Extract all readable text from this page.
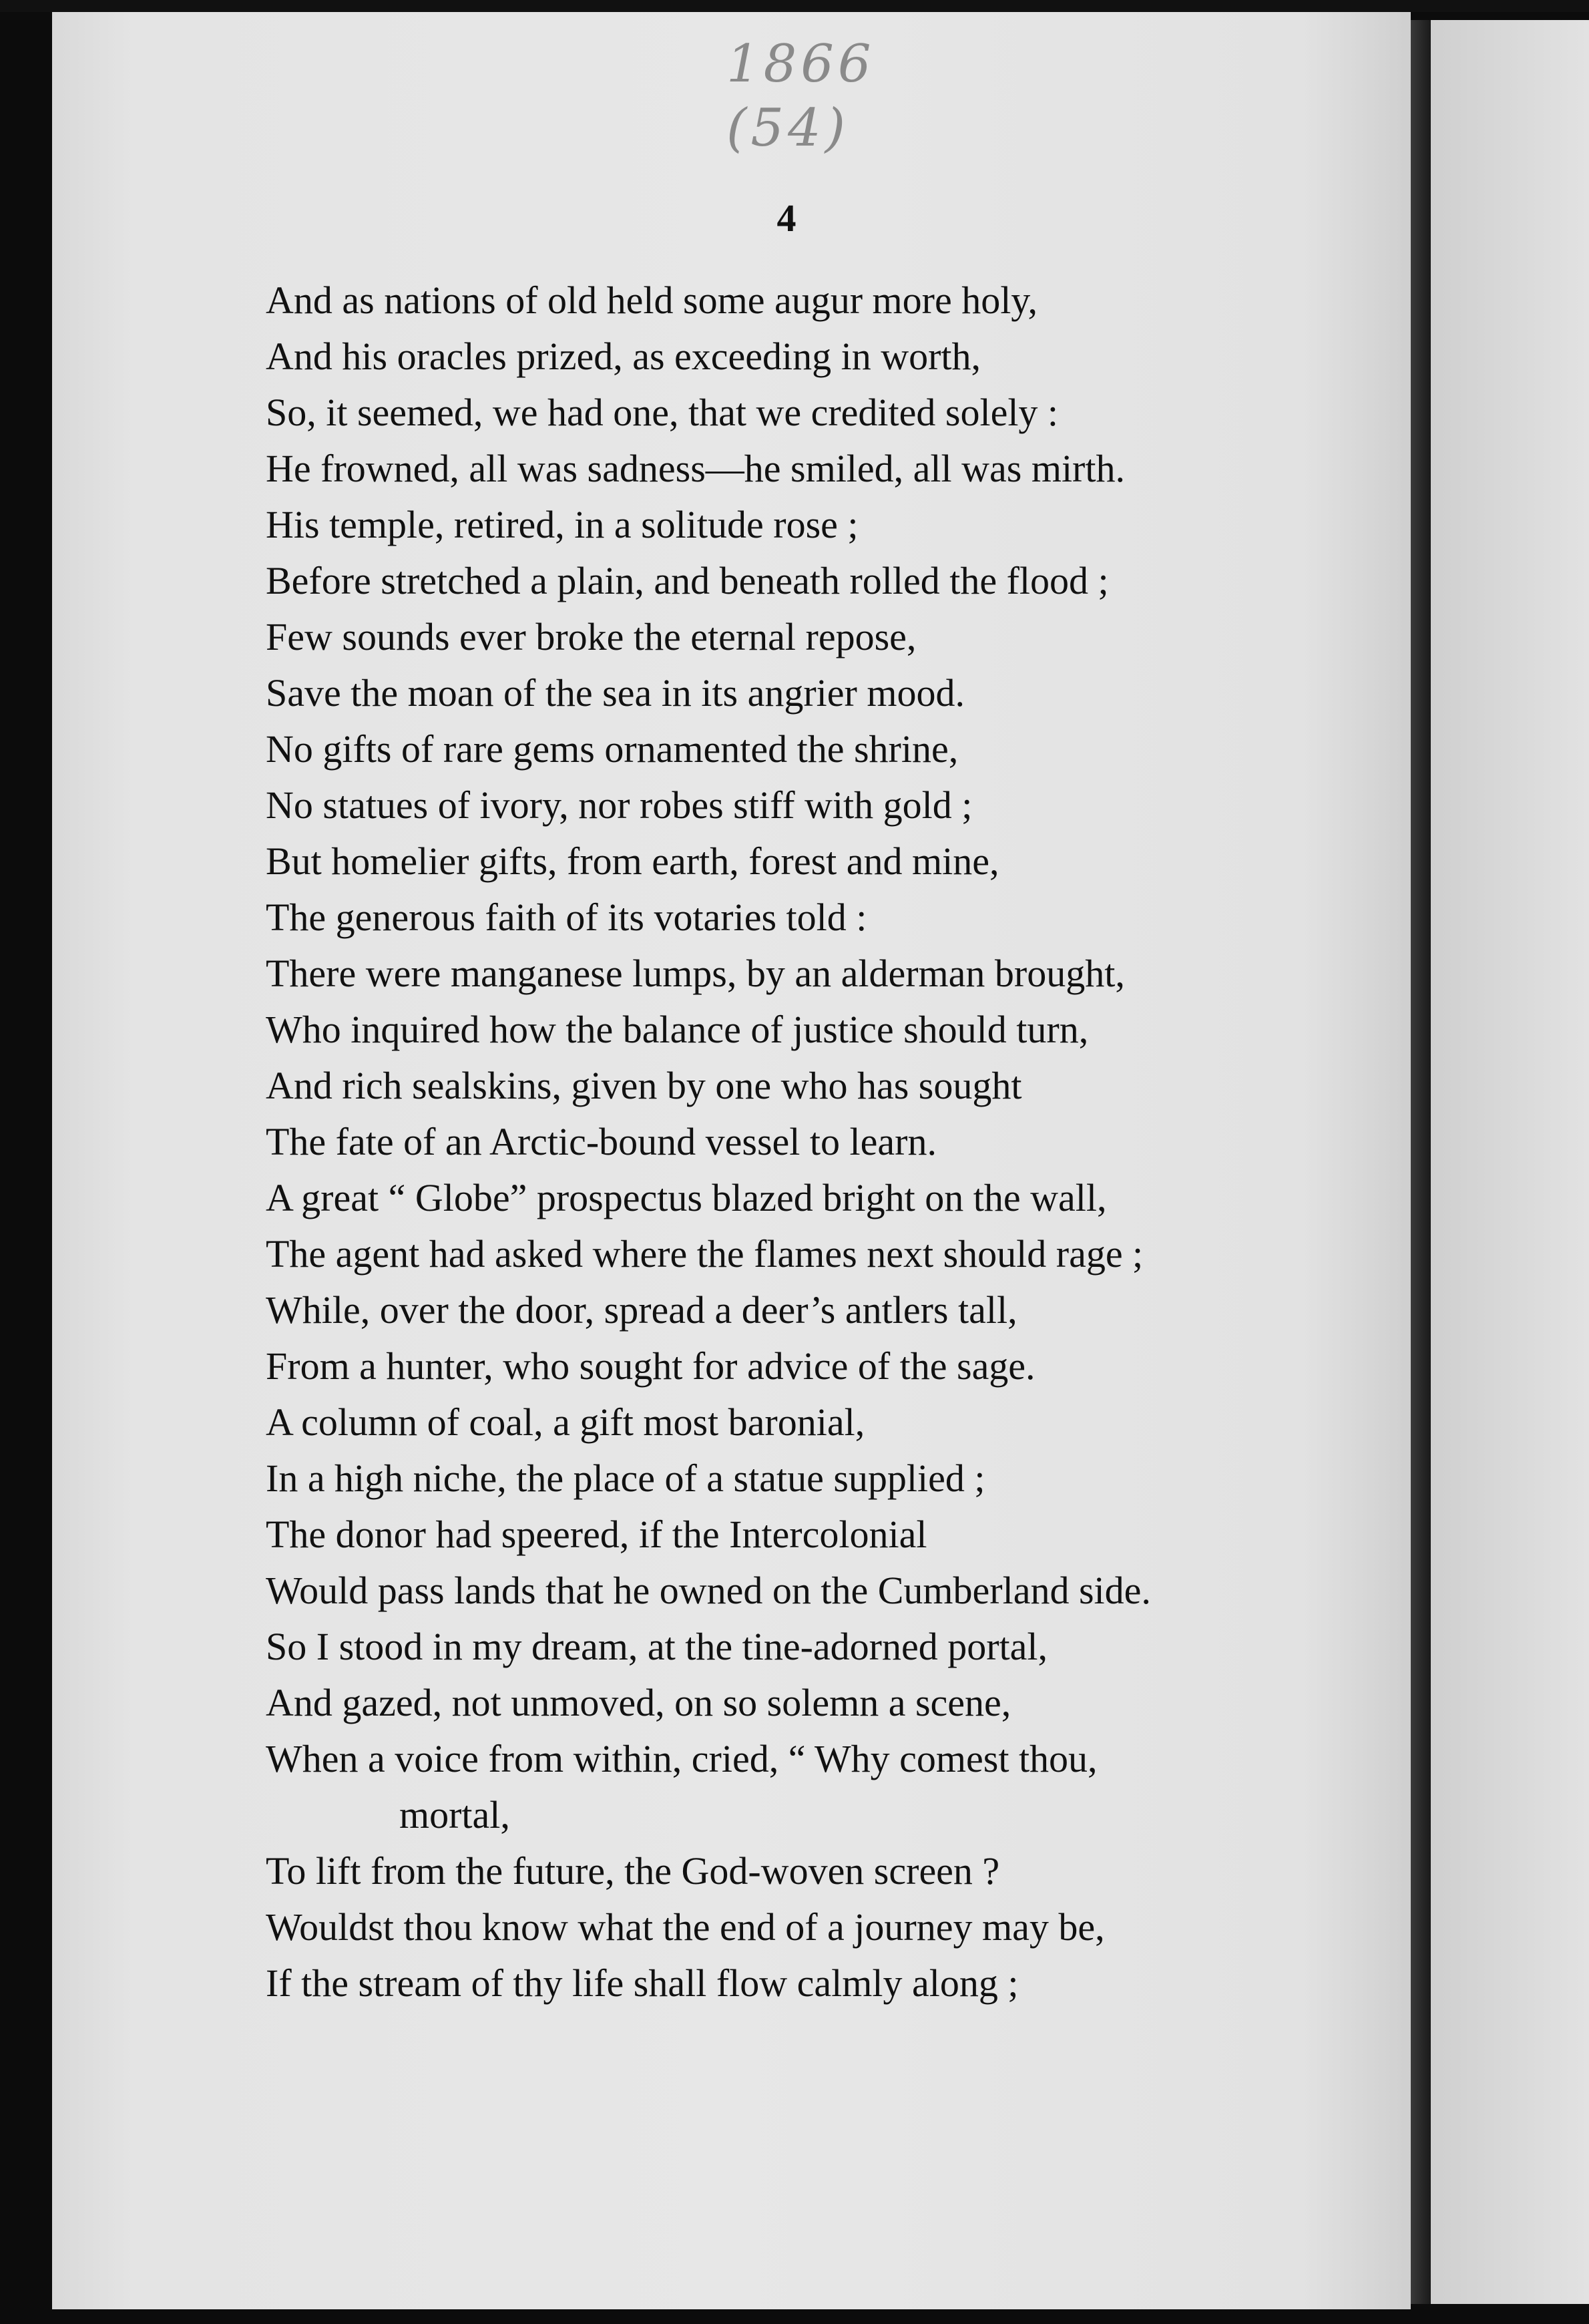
1866
(54)
​
4
And as nations of old held some augur more holy,
And his oracles prized, as exceeding in worth,
So, it seemed, we had one, that we credited solely :
He frowned, all was sadness—he smiled, all was mirth.
His temple, retired, in a solitude rose ;
Before stretched a plain, and beneath rolled the flood ;
Few sounds ever broke the eternal repose,
Save the moan of the sea in its angrier mood.
No gifts of rare gems ornamented the shrine,
No statues of ivory, nor robes stiff with gold ;
But homelier gifts, from earth, forest and mine,
The generous faith of its votaries told :
There were manganese lumps, by an alderman brought,
Who inquired how the balance of justice should turn,
And rich sealskins, given by one who has sought
The fate of an Arctic-bound vessel to learn.
A great “ Globe” prospectus blazed bright on the wall,
The agent had asked where the flames next should rage ;
While, over the door, spread a deer’s antlers tall,
From a hunter, who sought for advice of the sage.
A column of coal, a gift most baronial,
In a high niche, the place of a statue supplied ;
The donor had speered, if the Intercolonial
Would pass lands that he owned on the Cumberland side.
So I stood in my dream, at the tine-adorned portal,
And gazed, not unmoved, on so solemn a scene,
When a voice from within, cried, “ Why comest thou,
mortal,
To lift from the future, the God-woven screen ?
Wouldst thou know what the end of a journey may be,
If the stream of thy life shall flow calmly along ;
